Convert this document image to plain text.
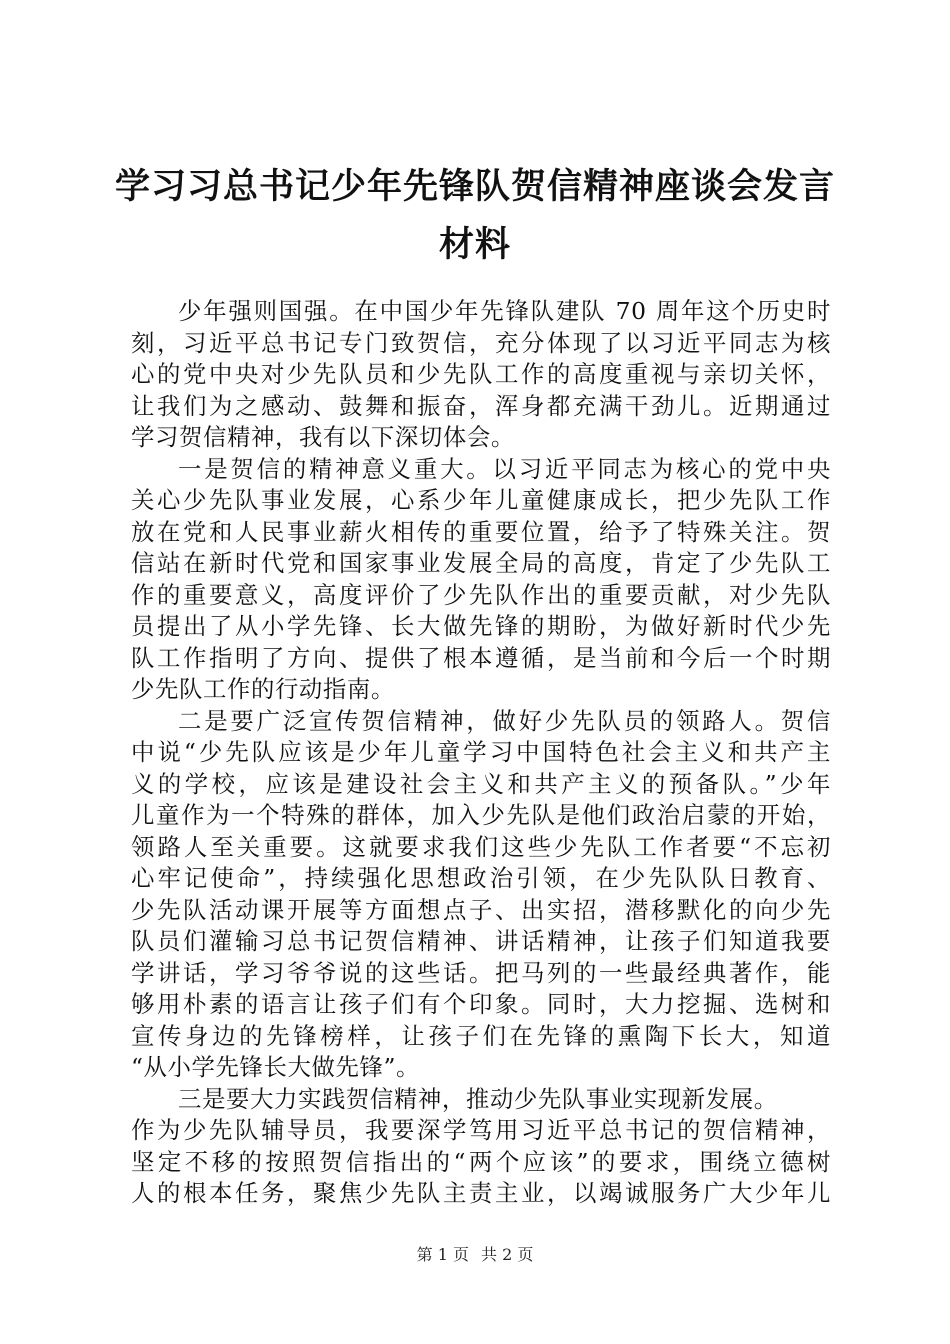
学习习总书记少年先锋队贺信精神座谈会发言
材料
少年强则国强。在中国少年先锋队建队 70 周年这个历史时
刻，习近平总书记专门致贺信，充分体现了以习近平同志为核
心的党中央对少先队员和少先队工作的高度重视与亲切关怀，
让我们为之感动、鼓舞和振奋，浑身都充满干劲儿。近期通过
学习贺信精神，我有以下深切体会。
一是贺信的精神意义重大。以习近平同志为核心的党中央
关心少先队事业发展，心系少年儿童健康成长，把少先队工作
放在党和人民事业薪火相传的重要位置，给予了特殊关注。贺
信站在新时代党和国家事业发展全局的高度，肯定了少先队工
作的重要意义，高度评价了少先队作出的重要贡献，对少先队
员提出了从小学先锋、长大做先锋的期盼，为做好新时代少先
队工作指明了方向、提供了根本遵循，是当前和今后一个时期
少先队工作的行动指南。
二是要广泛宣传贺信精神，做好少先队员的领路人。贺信
中说“少先队应该是少年儿童学习中国特色社会主义和共产主
义的学校，应该是建设社会主义和共产主义的预备队。”少年
儿童作为一个特殊的群体，加入少先队是他们政治启蒙的开始，
领路人至关重要。这就要求我们这些少先队工作者要“不忘初
心牢记使命”，持续强化思想政治引领，在少先队队日教育、
少先队活动课开展等方面想点子、出实招，潜移默化的向少先
队员们灌输习总书记贺信精神、讲话精神，让孩子们知道我要
学讲话，学习爷爷说的这些话。把马列的一些最经典著作，能
够用朴素的语言让孩子们有个印象。同时，大力挖掘、选树和
宣传身边的先锋榜样，让孩子们在先锋的熏陶下长大，知道
“从小学先锋长大做先锋”。
三是要大力实践贺信精神，推动少先队事业实现新发展。
作为少先队辅导员，我要深学笃用习近平总书记的贺信精神，
坚定不移的按照贺信指出的“两个应该”的要求，围绕立德树
人的根本任务，聚焦少先队主责主业，以竭诚服务广大少年儿
第 1 页 共 2 页
